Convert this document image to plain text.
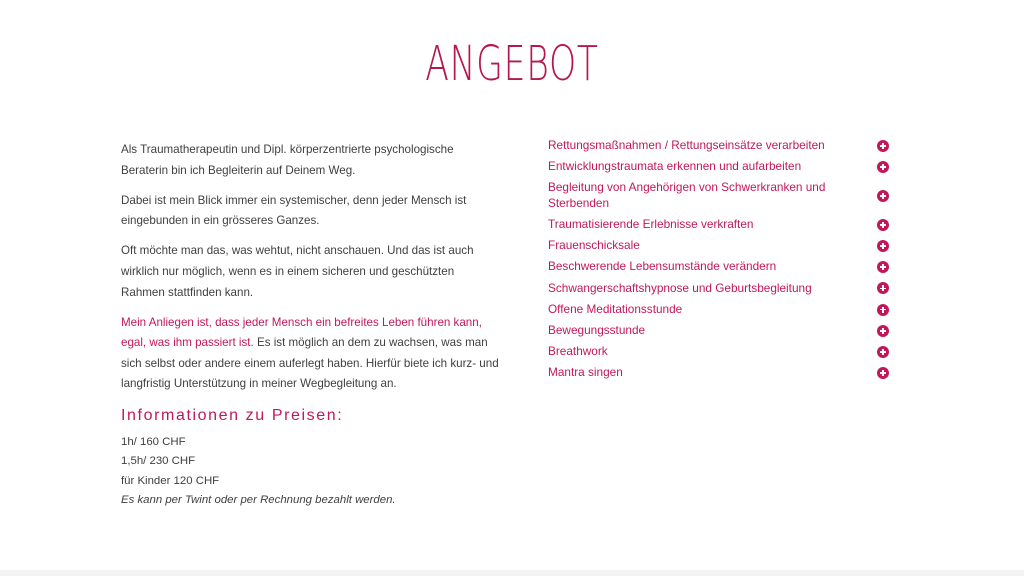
ANGEBOT

Als Traumatherapeutin und Dipl. körperzentrierte psychologische Beraterin bin ich Begleiterin auf Deinem Weg.

Dabei ist mein Blick immer ein systemischer, denn jeder Mensch ist eingebunden in ein grösseres Ganzes.

Oft möchte man das, was wehtut, nicht anschauen. Und das ist auch wirklich nur möglich, wenn es in einem sicheren und geschützten Rahmen stattfinden kann.

Mein Anliegen ist, dass jeder Mensch ein befreites Leben führen kann, egal, was ihm passiert ist. Es ist möglich an dem zu wachsen, was man sich selbst oder andere einem auferlegt haben. Hierfür biete ich kurz- und langfristig Unterstützung in meiner Wegbegleitung an.

Informationen zu Preisen:
1h/ 160 CHF
1,5h/ 230 CHF
für Kinder 120 CHF
Es kann per Twint oder per Rechnung bezahlt werden.
Rettungsmaßnahmen / Rettungseinsätze verarbeiten
Entwicklungstraumata erkennen und aufarbeiten
Begleitung von Angehörigen von Schwerkranken und Sterbenden
Traumatisierende Erlebnisse verkraften
Frauenschicksale
Beschwerende Lebensumstände verändern
Schwangerschaftshypnose und Geburtsbegleitung
Offene Meditationsstunde
Bewegungsstunde
Breathwork
Mantra singen
